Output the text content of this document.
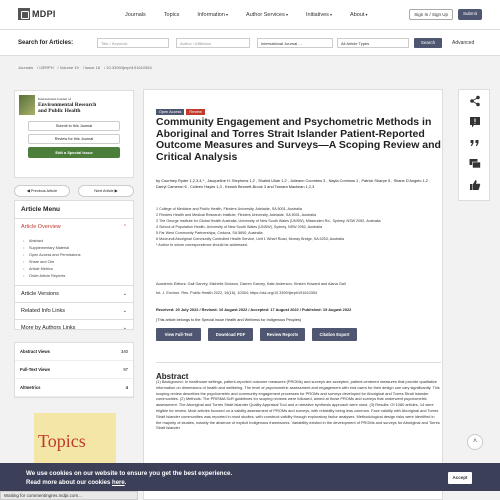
MDPI	Journals	Topics	Information ▾	Author Services ▾	Initiatives ▾	About ▾	Sign In / Sign Up	Submit
Search for Articles:	Title / Keyword	Author / Affiliation	International Journal ...	All Article Types	Search	Advanced
Journals / IJERPH / Volume 19 / Issue 16 / 10.3390/ijerph191610354
International Journal of
Environmental Research
and Public Health
Submit to this Journal
Review for this Journal
Edit a Special Issue
◀ Previous Article	Next Article ▶
Article Menu
Article Overview	⌃
• Abstract
• Supplementary Material
• Open Access and Permissions
• Share and Cite
• Article Metrics
• Order Article Reprints
Article Versions	⌄
Related Info Links	⌄
More by Authors Links	⌄
Abstract Views	340
Full-Text Views	97
Altmetrics	4
Topics
Open Access	Review
Community Engagement and Psychometric Methods in Aboriginal and Torres Strait Islander Patient-Reported Outcome Measures and Surveys—A Scoping Review and Critical Analysis
by Courtney Ryder 1,2,3,4,* , Jacqueline H. Stephens 1,2 , Shahid Ullah 1,2 , Julieann Coombes 3 , Nayia Cominos 1 , Patrick Sharpe 5 , Shane D'Angelo 1,2 , Darryl Cameron 6 , Colleen Hayes 1,3 , Keziah Bennett-Brook 3 and Tamara Mackean 1,2,3
1 College of Medicine and Public Health, Flinders University, Adelaide, SA 5001, Australia
2 Flinders Health and Medical Research Institute, Flinders University, Adelaide, SA 5001, Australia
3 The George Institute for Global Health Australia, University of New South Wales (UNSW), Missenden Rd., Sydney, NSW 2052, Australia
4 School of Population Health, University of New South Wales (UNSW), Sydney, NSW 2052, Australia
5 Far West Community Partnerships, Ceduna, SA 5690, Australia
6 Moorundi Aboriginal Community Controlled Health Service, Unit 1 Wharf Road, Murray Bridge, SA 5253, Australia
* Author to whom correspondence should be addressed.
Academic Editors: Gail Garvey, Michelle Dickson, Darren Garvey, Kate Anderson, Kirsten Howard and Alana Gall
Int. J. Environ. Res. Public Health 2022, 19(16), 10354; https://doi.org/10.3390/ijerph191610354
Received: 20 July 2022 / Revised: 16 August 2022 / Accepted: 17 August 2022 / Published: 19 August 2022
(This article belongs to the Special Issue Health and Wellness for Indigenous Peoples)
View Full-Text	Download PDF	Review Reports	Citation Export
Abstract
(1) Background: In healthcare settings, patient-reported outcome measures (PROMs) and surveys are accepted, patient-centered measures that provide qualitative information on dimensions of health and wellbeing. The level of psychometric assessment and engagement with end users for their design can vary significantly. This scoping review describes the psychometric and community engagement processes for PROMs and surveys developed for Aboriginal and Torres Strait Islander communities. (2) Methods: The PRISMA ScR guidelines for scoping reviews were followed, aimed at those PROMs and surveys that underwent psychometric assessment. The Aboriginal and Torres Strait Islander Quality Appraisal Tool and a narrative synthesis approach were used. (3) Results: Of 1080 articles, 14 were eligible for review. Most articles focused on a validity assessment of PROMs and surveys, with reliability being less common. Face validity with Aboriginal and Torres Strait Islander communities was reported in most studies, with construct validity through exploratory factor analyses. Methodological design risks were identified in the majority of studies, notably the absence of explicit Indigenous frameworks. Variability existed in the development of PROMs and surveys for Aboriginal and Torres Strait Islander
˄
We use cookies on our website to ensure you get the best experience.
Read more about our cookies here.
Accept
Waiting for commentingres.mdpi.com...
